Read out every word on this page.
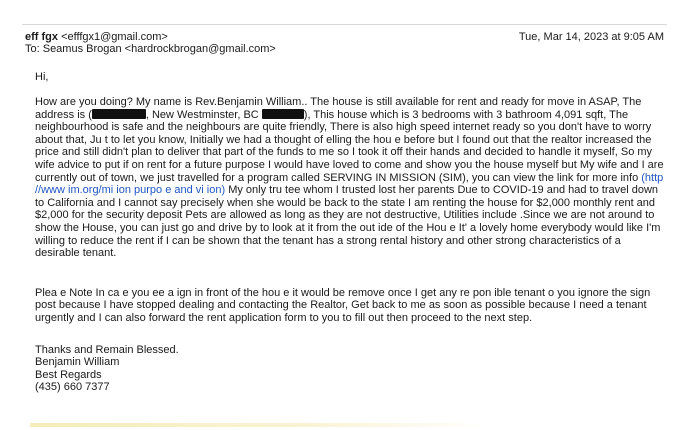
eff fgx <efffgx1@gmail.com>	Tue, Mar 14, 2023 at 9:05 AM
To: Seamus Brogan <hardrockbrogan@gmail.com>

Hi,

How are you doing? My name is Rev.Benjamin William.. The house is still available for rent and ready for move in ASAP, The address is (	, New Westminster, BC	), This house which is 3 bedrooms with 3 bathroom 4,091 sqft, The neighbourhood is safe and the neighbours are quite friendly, There is also high speed internet ready so you don't have to worry about that, Ju t to let you know, Initially we had a thought of elling the hou e before but I found out that the realtor increased the price and still didn't plan to deliver that part of the funds to me so I took it off their hands and decided to handle it myself, So my wife advice to put if on rent for a future purpose I would have loved to come and show you the house myself but My wife and I are currently out of town, we just travelled for a program called SERVING IN MISSION (SIM), you can view the link for more info (http //www im.org/mi ion purpo e and vi ion) My only tru tee whom I trusted lost her parents Due to COVID-19 and had to travel down to California and I cannot say precisely when she would be back to the state I am renting the house for $2,000 monthly rent and $2,000 for the security deposit Pets are allowed as long as they are not destructive, Utilities include .Since we are not around to show the House, you can just go and drive by to look at it from the out ide of the Hou e It' a lovely home everybody would like I'm willing to reduce the rent if I can be shown that the tenant has a strong rental history and other strong characteristics of a desirable tenant.

Plea e Note In ca e you ee a ign in front of the hou e it would be remove once I get any re pon ible tenant o you ignore the sign post because I have stopped dealing and contacting the Realtor, Get back to me as soon as possible because I need a tenant urgently and I can also forward the rent application form to you to fill out then proceed to the next step.

Thanks and Remain Blessed.
Benjamin William
Best Regards
(435) 660 7377
